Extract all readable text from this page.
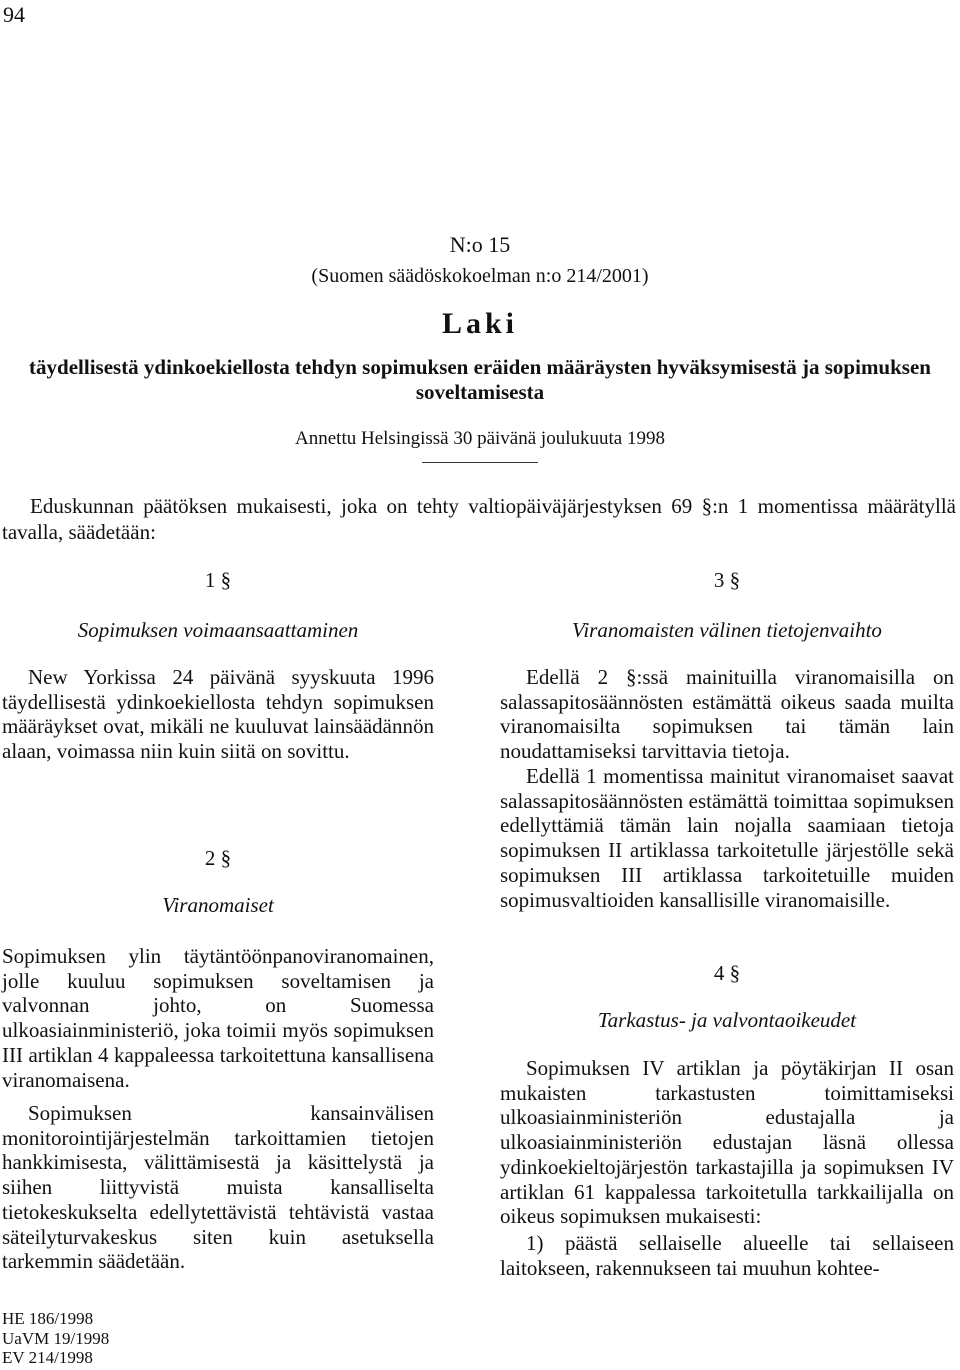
94
N:o 15
(Suomen säädöskokoelman n:o 214/2001)
Laki
täydellisestä ydinkoekiellosta tehdyn sopimuksen eräiden määräysten hyväksymisestä ja sopimuksen soveltamisesta
Annettu Helsingissä 30 päivänä joulukuuta 1998
Eduskunnan päätöksen mukaisesti, joka on tehty valtiopäiväjärjestyksen 69 §:n 1 momentissa määrätyllä tavalla, säädetään:
1 §
Sopimuksen voimaansaattaminen
New Yorkissa 24 päivänä syyskuuta 1996 täydellisestä ydinkoekiellosta tehdyn sopimuksen määräykset ovat, mikäli ne kuuluvat lainsäädännön alaan, voimassa niin kuin siitä on sovittu.
2 §
Viranomaiset
Sopimuksen ylin täytäntöönpanoviranomainen, jolle kuuluu sopimuksen soveltamisen ja valvonnan johto, on Suomessa ulkoasiainministeriö, joka toimii myös sopimuksen III artiklan 4 kappaleessa tarkoitettuna kansallisena viranomaisena.
Sopimuksen kansainvälisen monitorointijärjestelmän tarkoittamien tietojen hankkimisesta, välittämisestä ja käsittelystä ja siihen liittyvistä muista kansalliselta tietokeskukselta edellytettävistä tehtävistä vastaa säteilyturvakeskus siten kuin asetuksella tarkemmin säädetään.
3 §
Viranomaisten välinen tietojenvaihto
Edellä 2 §:ssä mainituilla viranomaisilla on salassapitosäännösten estämättä oikeus saada muilta viranomaisilta sopimuksen tai tämän lain noudattamiseksi tarvittavia tietoja.
Edellä 1 momentissa mainitut viranomaiset saavat salassapitosäännösten estämättä toimittaa sopimuksen edellyttämiä tämän lain nojalla saamiaan tietoja sopimuksen II artiklassa tarkoitetulle järjestölle sekä sopimuksen III artiklassa tarkoitetuille muiden sopimusvaltioiden kansallisille viranomaisille.
4 §
Tarkastus- ja valvontaoikeudet
Sopimuksen IV artiklan ja pöytäkirjan II osan mukaisten tarkastusten toimittamiseksi ulkoasiainministeriön edustajalla ja ulkoasiainministeriön edustajan läsnä ollessa ydinkoekieltojärjestön tarkastajilla ja sopimuksen IV artiklan 61 kappalessa tarkoitetulla tarkkailijalla on oikeus sopimuksen mukaisesti:
1) päästä sellaiselle alueelle tai sellaiseen laitokseen, rakennukseen tai muuhun kohtee-
HE 186/1998
UaVM 19/1998
EV 214/1998
